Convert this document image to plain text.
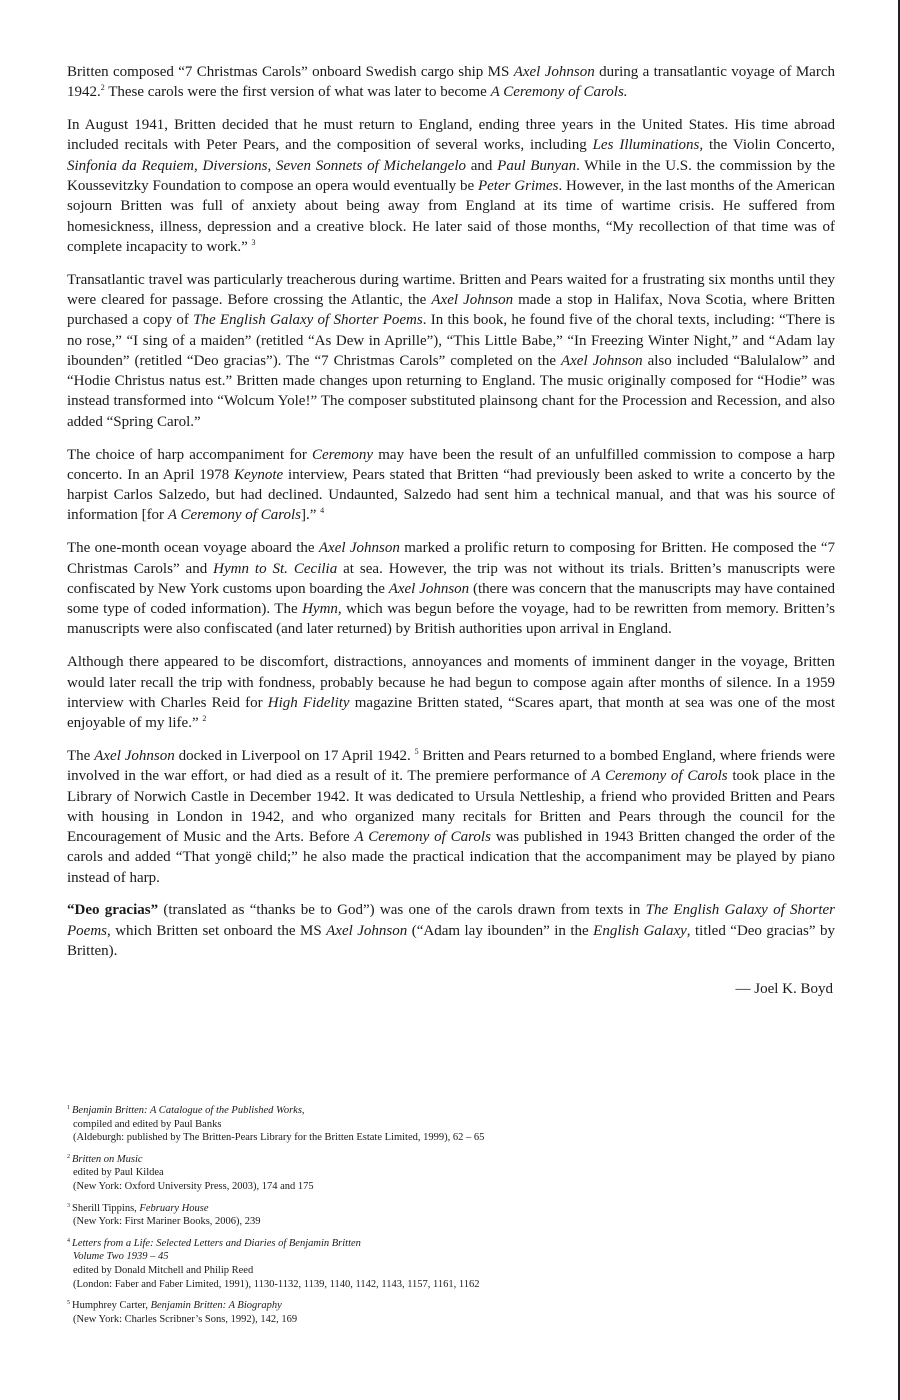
Britten composed “7 Christmas Carols” onboard Swedish cargo ship MS Axel Johnson during a transatlantic voyage of March 1942.$^2$ These carols were the first version of what was later to become A Ceremony of Carols.

In August 1941, Britten decided that he must return to England, ending three years in the United States. His time abroad included recitals with Peter Pears, and the composition of several works, including Les Illuminations, the Violin Concerto, Sinfonia da Requiem, Diversions, Seven Sonnets of Michelangelo and Paul Bunyan. While in the U.S. the commission by the Koussevitzky Foundation to compose an opera would eventually be Peter Grimes. However, in the last months of the American sojourn Britten was full of anxiety about being away from England at its time of wartime crisis. He suffered from homesickness, illness, depression and a creative block. He later said of those months, “My recollection of that time was of complete incapacity to work.” $^3$

Transatlantic travel was particularly treacherous during wartime. Britten and Pears waited for a frustrating six months until they were cleared for passage. Before crossing the Atlantic, the Axel Johnson made a stop in Halifax, Nova Scotia, where Britten purchased a copy of The English Galaxy of Shorter Poems. In this book, he found five of the choral texts, including: “There is no rose,” “I sing of a maiden” (retitled “As Dew in Aprille”), “This Little Babe,” “In Freezing Winter Night,” and “Adam lay ibounden” (retitled “Deo gracias”). The “7 Christmas Carols” completed on the Axel Johnson also included “Balulalow” and “Hodie Christus natus est.” Britten made changes upon returning to England. The music originally composed for “Hodie” was instead transformed into “Wolcum Yole!” The composer substituted plainsong chant for the Procession and Recession, and also added “Spring Carol.”

The choice of harp accompaniment for Ceremony may have been the result of an unfulfilled commission to compose a harp concerto. In an April 1978 Keynote interview, Pears stated that Britten “had previously been asked to write a concerto by the harpist Carlos Salzedo, but had declined. Undaunted, Salzedo had sent him a technical manual, and that was his source of information [for A Ceremony of Carols].” $^4$

The one-month ocean voyage aboard the Axel Johnson marked a prolific return to composing for Britten. He composed the “7 Christmas Carols” and Hymn to St. Cecilia at sea. However, the trip was not without its trials. Britten’s manuscripts were confiscated by New York customs upon boarding the Axel Johnson (there was concern that the manuscripts may have contained some type of coded information). The Hymn, which was begun before the voyage, had to be rewritten from memory. Britten’s manuscripts were also confiscated (and later returned) by British authorities upon arrival in England.

Although there appeared to be discomfort, distractions, annoyances and moments of imminent danger in the voyage, Britten would later recall the trip with fondness, probably because he had begun to compose again after months of silence. In a 1959 interview with Charles Reid for High Fidelity magazine Britten stated, “Scares apart, that month at sea was one of the most enjoyable of my life.” $^2$

The Axel Johnson docked in Liverpool on 17 April 1942. $^5$ Britten and Pears returned to a bombed England, where friends were involved in the war effort, or had died as a result of it. The premiere performance of A Ceremony of Carols took place in the Library of Norwich Castle in December 1942. It was dedicated to Ursula Nettleship, a friend who provided Britten and Pears with housing in London in 1942, and who organized many recitals for Britten and Pears through the council for the Encouragement of Music and the Arts. Before A Ceremony of Carols was published in 1943 Britten changed the order of the carols and added “That yongë child;” he also made the practical indication that the accompaniment may be played by piano instead of harp.

“Deo gracias” (translated as “thanks be to God”) was one of the carols drawn from texts in The English Galaxy of Shorter Poems, which Britten set onboard the MS Axel Johnson (“Adam lay ibounden” in the English Galaxy, titled “Deo gracias” by Britten).

— Joel K. Boyd
$^1$ Benjamin Britten: A Catalogue of the Published Works,
compiled and edited by Paul Banks
(Aldeburgh: published by The Britten-Pears Library for the Britten Estate Limited, 1999), 62 – 65
$^2$ Britten on Music
edited by Paul Kildea
(New York: Oxford University Press, 2003), 174 and 175
$^3$ Sherill Tippins, February House
(New York: First Mariner Books, 2006), 239
$^4$ Letters from a Life: Selected Letters and Diaries of Benjamin Britten
Volume Two 1939 – 45
edited by Donald Mitchell and Philip Reed
(London: Faber and Faber Limited, 1991), 1130-1132, 1139, 1140, 1142, 1143, 1157, 1161, 1162
$^5$ Humphrey Carter, Benjamin Britten: A Biography
(New York: Charles Scribner’s Sons, 1992), 142, 169
